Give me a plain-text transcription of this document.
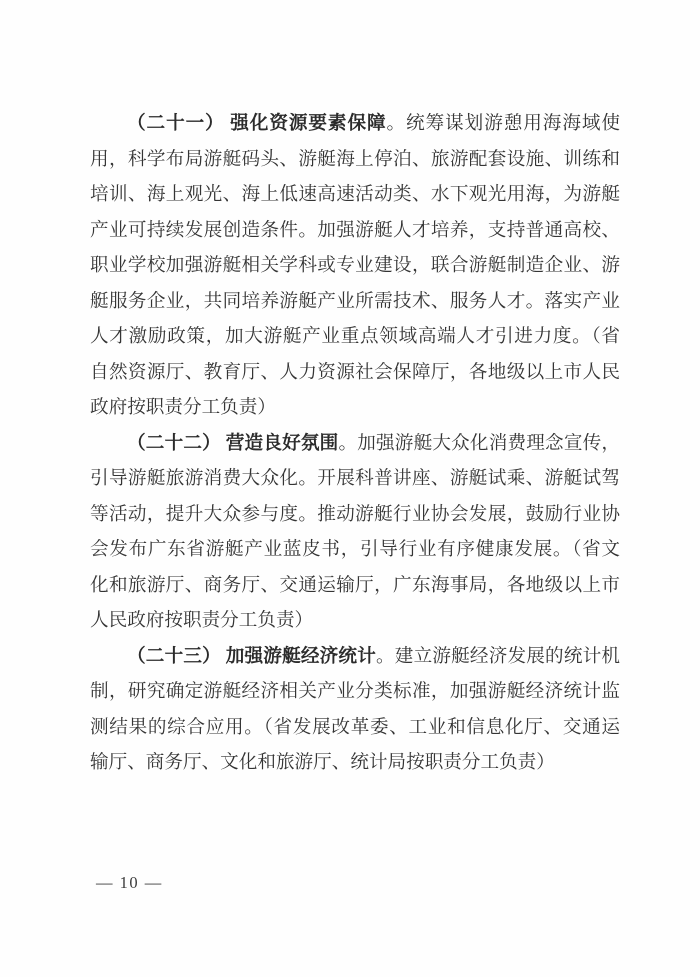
（二十一） 强化资源要素保障。统筹谋划游憩用海海域使
用，科学布局游艇码头、游艇海上停泊、旅游配套设施、训练和
培训、海上观光、海上低速高速活动类、水下观光用海，为游艇
产业可持续发展创造条件。加强游艇人才培养，支持普通高校、
职业学校加强游艇相关学科或专业建设，联合游艇制造企业、游
艇服务企业，共同培养游艇产业所需技术、服务人才。落实产业
人才激励政策，加大游艇产业重点领域高端人才引进力度。（省
自然资源厅、教育厅、人力资源社会保障厅，各地级以上市人民
政府按职责分工负责）
（二十二） 营造良好氛围。加强游艇大众化消费理念宣传，
引导游艇旅游消费大众化。开展科普讲座、游艇试乘、游艇试驾
等活动，提升大众参与度。推动游艇行业协会发展，鼓励行业协
会发布广东省游艇产业蓝皮书，引导行业有序健康发展。（省文
化和旅游厅、商务厅、交通运输厅，广东海事局，各地级以上市
人民政府按职责分工负责）
（二十三） 加强游艇经济统计。建立游艇经济发展的统计机
制，研究确定游艇经济相关产业分类标准，加强游艇经济统计监
测结果的综合应用。（省发展改革委、工业和信息化厅、交通运
输厅、商务厅、文化和旅游厅、统计局按职责分工负责）
— 10 —
